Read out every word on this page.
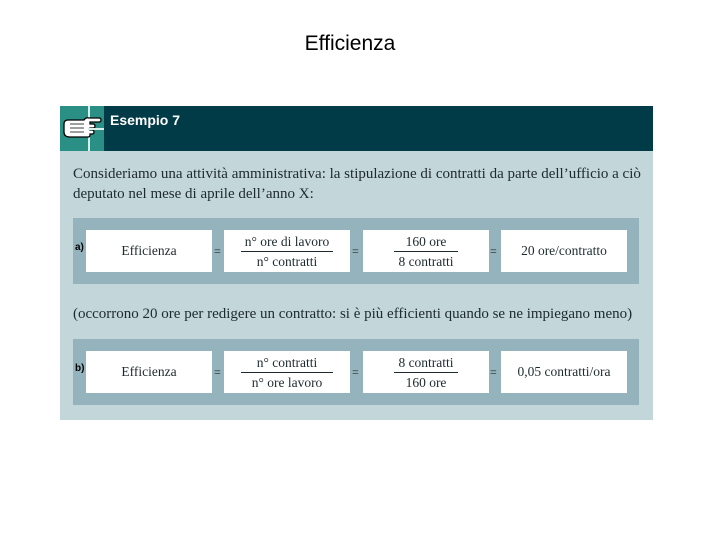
Efficienza
Esempio 7
Consideriamo una attività amministrativa: la stipulazione di contratti da parte dell’ufficio a ciò deputato nel mese di aprile dell’anno X:
a)	Efficienza	= $\frac{\text{n° ore di lavoro}}{\text{n° contratti}}$ =	$\frac{\text{160 ore}}{\text{8 contratti}}$	= 20 ore/contratto
(occorrono 20 ore per redigere un contratto: si è più efficienti quando se ne impiegano meno)
b)	Efficienza	= $\frac{\text{n° contratti}}{\text{n° ore lavoro}}$ =	$\frac{\text{8 contratti}}{\text{160 ore}}$	= 0,05 contratti/ora
